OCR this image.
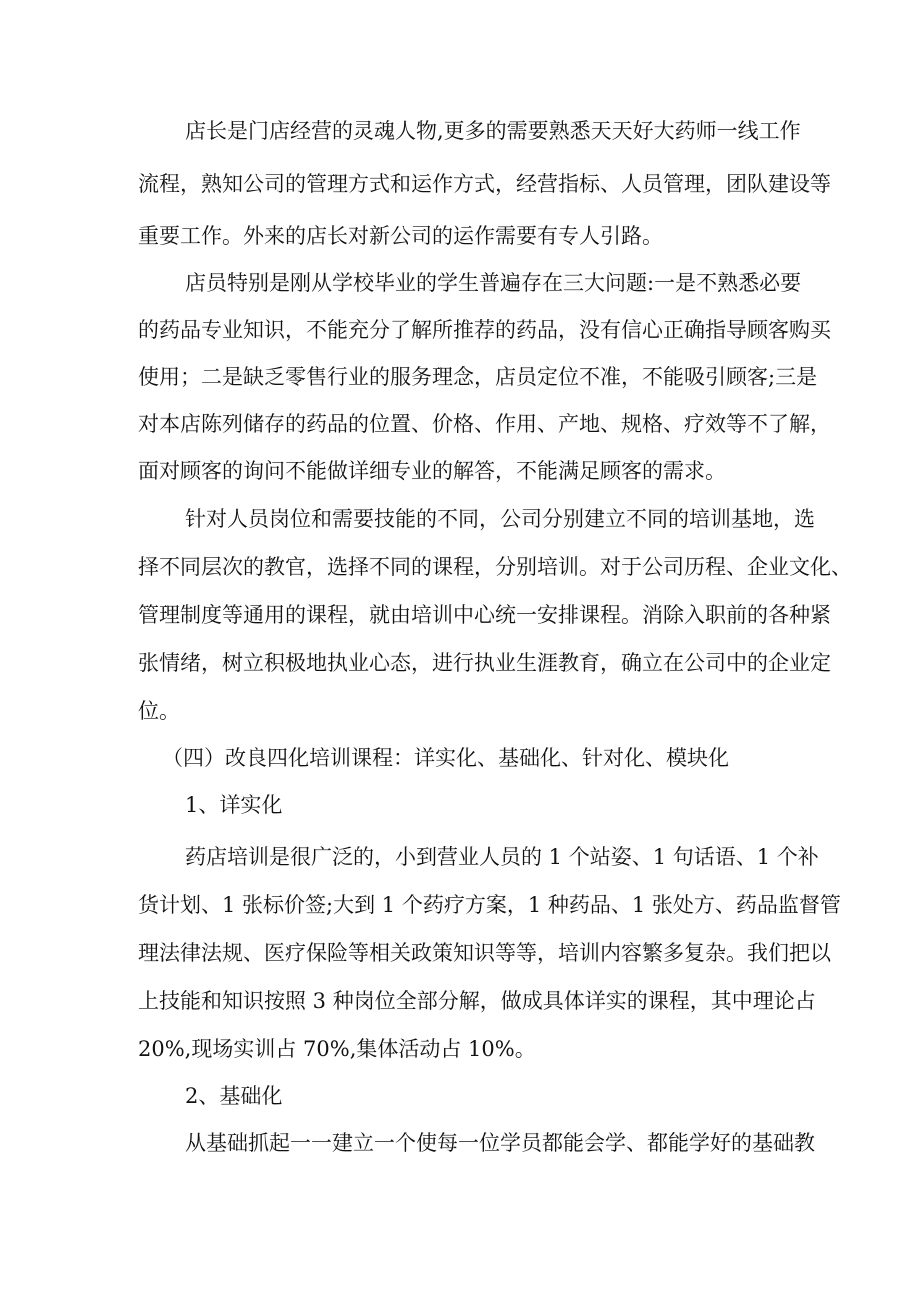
店长是门店经营的灵魂人物,更多的需要熟悉天天好大药师一线工作

流程，熟知公司的管理方式和运作方式，经营指标、人员管理，团队建设等

重要工作。外来的店长对新公司的运作需要有专人引路。

店员特别是刚从学校毕业的学生普遍存在三大问题:一是不熟悉必要

的药品专业知识，不能充分了解所推荐的药品，没有信心正确指导顾客购买

使用；二是缺乏零售行业的服务理念，店员定位不准，不能吸引顾客;三是

对本店陈列储存的药品的位置、价格、作用、产地、规格、疗效等不了解，

面对顾客的询问不能做详细专业的解答，不能满足顾客的需求。

针对人员岗位和需要技能的不同，公司分别建立不同的培训基地，选

择不同层次的教官，选择不同的课程，分别培训。对于公司历程、企业文化、

管理制度等通用的课程，就由培训中心统一安排课程。消除入职前的各种紧

张情绪，树立积极地执业心态，进行执业生涯教育，确立在公司中的企业定

位。

（四）改良四化培训课程：详实化、基础化、针对化、模块化

1、详实化

药店培训是很广泛的，小到营业人员的 1 个站姿、1 句话语、1 个补

货计划、1 张标价签;大到 1 个药疗方案，1 种药品、1 张处方、药品监督管

理法律法规、医疗保险等相关政策知识等等，培训内容繁多复杂。我们把以

上技能和知识按照 3 种岗位全部分解，做成具体详实的课程，其中理论占

20%,现场实训占 70%,集体活动占 10%。

2、基础化

从基础抓起一一建立一个使每一位学员都能会学、都能学好的基础教
